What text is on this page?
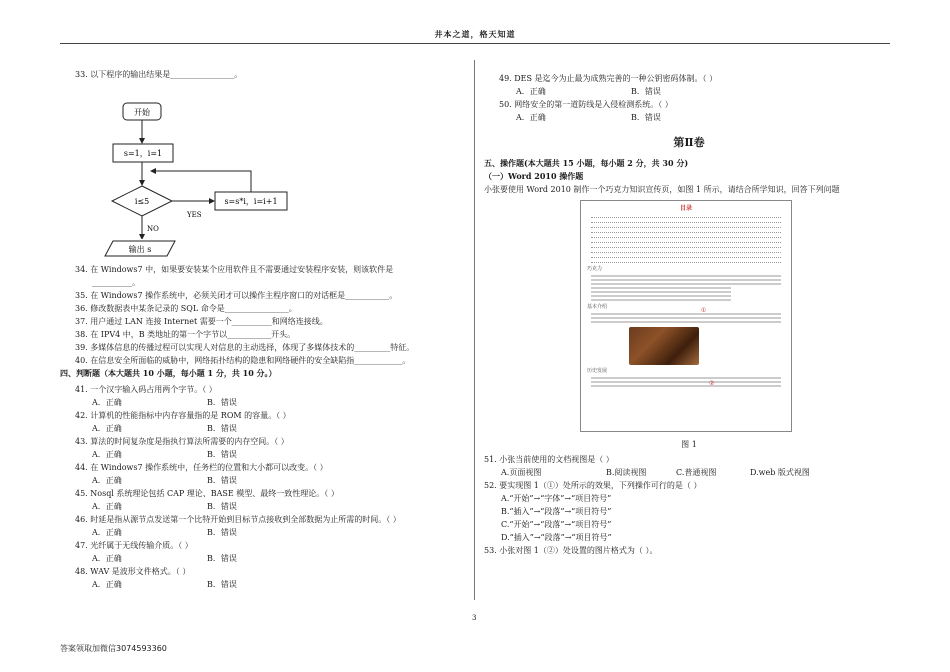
井本之道，格天知道
33. 以下程序的输出结果是________________。
开始
s=1，i=1
i≤5
YES
s=s*i，i=i+1
NO
输出 s
34. 在 Windows7 中，如果要安装某个应用软件且不需要通过安装程序安装，则该软件是
__________。
35. 在 Windows7 操作系统中，必须关闭才可以操作主程序窗口的对话框是___________。
36. 修改数据表中某条记录的 SQL 命令是________________。
37. 用户通过 LAN 连接 Internet 需要一个__________和网络连接线。
38. 在 IPV4 中，B 类地址的第一个字节以___________开头。
39. 多媒体信息的传播过程可以实现人对信息的主动选择，体现了多媒体技术的_________特征。
40. 在信息安全所面临的威胁中，网络拓扑结构的隐患和网络硬件的安全缺陷指____________。
四、判断题（本大题共 10 小题，每小题 1 分，共 10 分。）
41. 一个汉字输入码占用两个字节。（ ）
A．正确	B．错误
42. 计算机的性能指标中内存容量指的是 ROM 的容量。（ ）
A．正确	B．错误
43. 算法的时间复杂度是指执行算法所需要的内存空间。（ ）
A．正确	B．错误
44. 在 Windows7 操作系统中，任务栏的位置和大小都可以改变。（ ）
A．正确	B．错误
45. Nosql 系统理论包括 CAP 理论、BASE 模型、最终一致性理论。（ ）
A．正确	B．错误
46. 时延是指从源节点发送第一个比特开始到目标节点接收到全部数据为止所需的时间。（ ）
A．正确	B．错误
47. 光纤属于无线传输介质。（ ）
A．正确	B．错误
48. WAV 是波形文件格式。（ ）
A．正确	B．错误
49. DES 是迄今为止最为成熟完善的一种公钥密码体制。（ ）
A．正确	B．错误
50. 网络安全的第一道防线是入侵检测系统。（ ）
A．正确	B．错误
第Ⅱ卷
五、操作题(本大题共 15 小题，每小题 2 分，共 30 分)
（一）Word 2010 操作题
小张要使用 Word 2010 制作一个巧克力知识宣传页，如图 1 所示，请结合所学知识，回答下列问题
目录
巧克力
基本介绍
历史发展
①
②
图 1
51. 小张当前使用的文档视图是（ ）
A.页面视图	B.阅读视图	C.普通视图	D.web 版式视图
52. 要实现图 1（①）处所示的效果，下列操作可行的是（ ）
A.“开始”→“字体”→“项目符号”
B.“插入”→“段落”→“项目符号”
C.“开始”→“段落”→“项目符号”
D.“插入”→“段落”→“项目符号”
53. 小张对图 1（②）处设置的图片格式为（ ）。
3
答案领取加微信3074593360
